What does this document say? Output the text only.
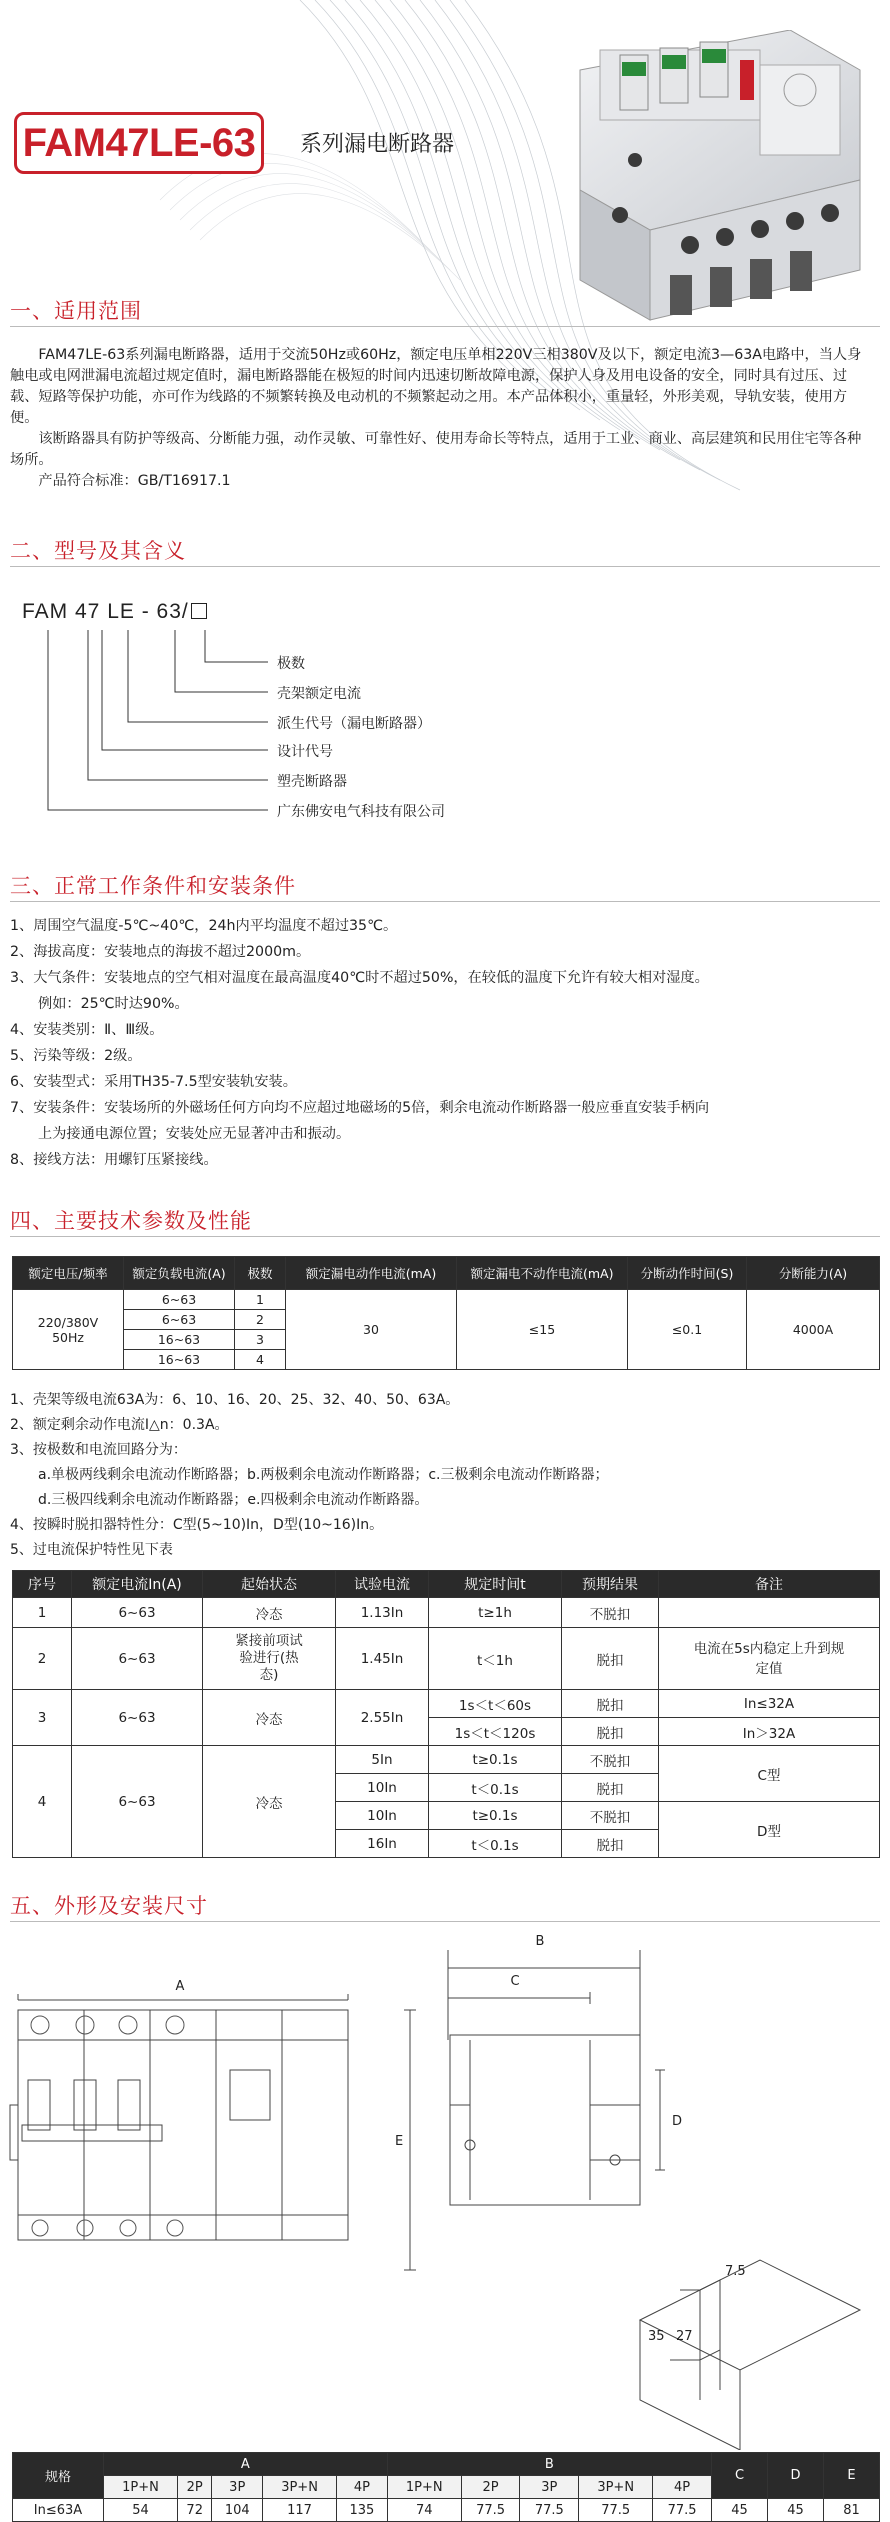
FAM47LE-63 系列漏电断路器
一、适用范围

FAM47LE-63系列漏电断路器，适用于交流50Hz或60Hz，额定电压单相220V三相380V及以下，额定电流3—63A电路中，当人身触电或电网泄漏电流超过规定值时，漏电断路器能在极短的时间内迅速切断故障电源，保护人身及用电设备的安全，同时具有过压、过载、短路等保护功能，亦可作为线路的不频繁转换及电动机的不频繁起动之用。本产品体积小，重量轻，外形美观，导轨安装，使用方便。

该断路器具有防护等级高、分断能力强，动作灵敏、可靠性好、使用寿命长等特点，适用于工业、商业、高层建筑和民用住宅等各种场所。

产品符合标准：GB/T16917.1

二、型号及其含义
FAM 47 LE - 63/
极数
壳架额定电流
派生代号（漏电断路器）
设计代号
塑壳断路器
广东佛安电气科技有限公司
三、正常工作条件和安装条件
1、周围空气温度-5℃~40℃，24h内平均温度不超过35℃。
2、海拔高度：安装地点的海拔不超过2000m。
3、大气条件：安装地点的空气相对温度在最高温度40℃时不超过50%，在较低的温度下允许有较大相对湿度。
例如：25℃时达90%。
4、安装类别：Ⅱ、Ⅲ级。
5、污染等级：2级。
6、安装型式：采用TH35-7.5型安装轨安装。
7、安装条件：安装场所的外磁场任何方向均不应超过地磁场的5倍，剩余电流动作断路器一般应垂直安装手柄向
上为接通电源位置；安装处应无显著冲击和振动。
8、接线方法：用螺钉压紧接线。
四、主要技术参数及性能
额定电压/频率	额定负载电流(A)	极数	额定漏电动作电流(mA)	额定漏电不动作电流(mA)	分断动作时间(S)	分断能力(A)

220/380V
50Hz	6~63	1	30	≤15	≤0.1	4000A
	6~63	2				
	16~63	3				
	16~63	4				
1、壳架等级电流63A为：6、10、16、20、25、32、40、50、63A。
2、额定剩余动作电流I△n：0.3A。
3、按极数和电流回路分为：
a.单极两线剩余电流动作断路器；b.两极剩余电流动作断路器；c.三极剩余电流动作断路器；
d.三极四线剩余电流动作断路器；e.四极剩余电流动作断路器。
4、按瞬时脱扣器特性分：C型(5~10)In，D型(10~16)In。
5、过电流保护特性见下表
序号	额定电流In(A)	起始状态	试验电流	规定时间t	预期结果	备注
1	6~63	冷态	1.13In	t≥1h	不脱扣	
2	6~63	紧接前项试验进行(热态)	1.45In	t＜1h	脱扣	电流在5s内稳定上升到规定值
3	6~63	冷态	2.55In	1s＜t＜60s	脱扣	In≤32A
				1s＜t＜120s	脱扣	In＞32A
4	6~63	冷态	5In	t≥0.1s	不脱扣	C型
			10In	t＜0.1s	脱扣	
			10In	t≥0.1s	不脱扣	D型
			16In	t＜0.1s	脱扣	
五、外形及安装尺寸
A
B
C
D
E
7.5
35 27
规格	A					B					C	D	E
	1P+N	2P	3P	3P+N	4P	1P+N	2P	3P	3P+N	4P			
In≤63A	54	72	104	117	135	74	77.5	77.5	77.5	77.5	45	45	81
